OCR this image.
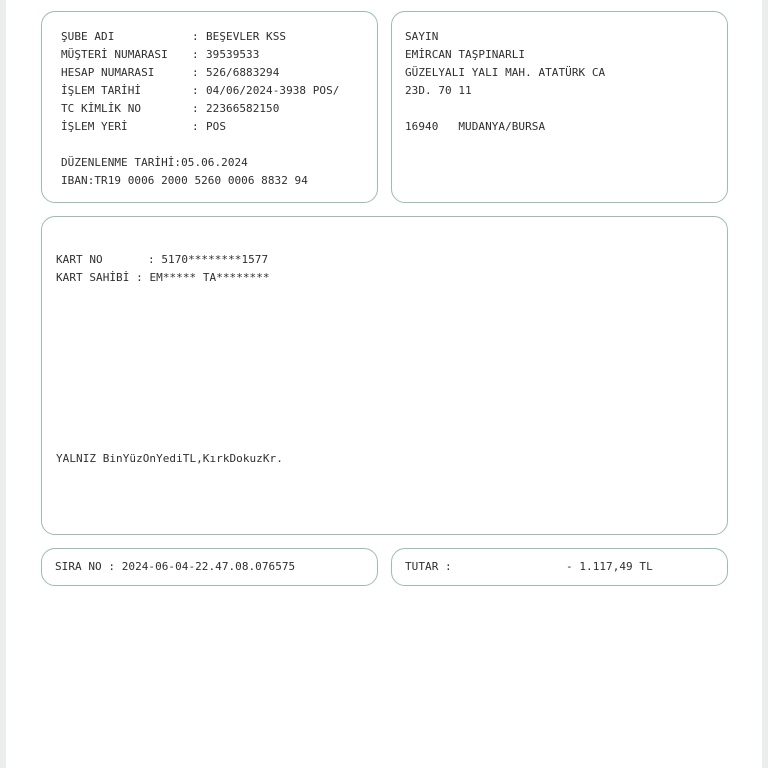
ŞUBE ADI	: BEŞEVLER KSS
MÜŞTERİ NUMARASI : 39539533
HESAP NUMARASI	: 526/6883294
İŞLEM TARİHİ	: 04/06/2024-3938 POS/
TC KİMLİK NO	: 22366582150
İŞLEM YERİ	: POS
DÜZENLENME TARİHİ:05.06.2024
IBAN:TR19 0006 2000 5260 0006 8832 94
SAYIN
EMİRCAN TAŞPINARLI
GÜZELYALI YALI MAH. ATATÜRK CA
23D. 70 11
16940   MUDANYA/BURSA
KART NO	: 5170********1577
KART SAHİBİ : EM***** TA********
YALNIZ BinYüzOnYediTL,KırkDokuzKr.
SIRA NO : 2024-06-04-22.47.08.076575	TUTAR :	- 1.117,49 TL
